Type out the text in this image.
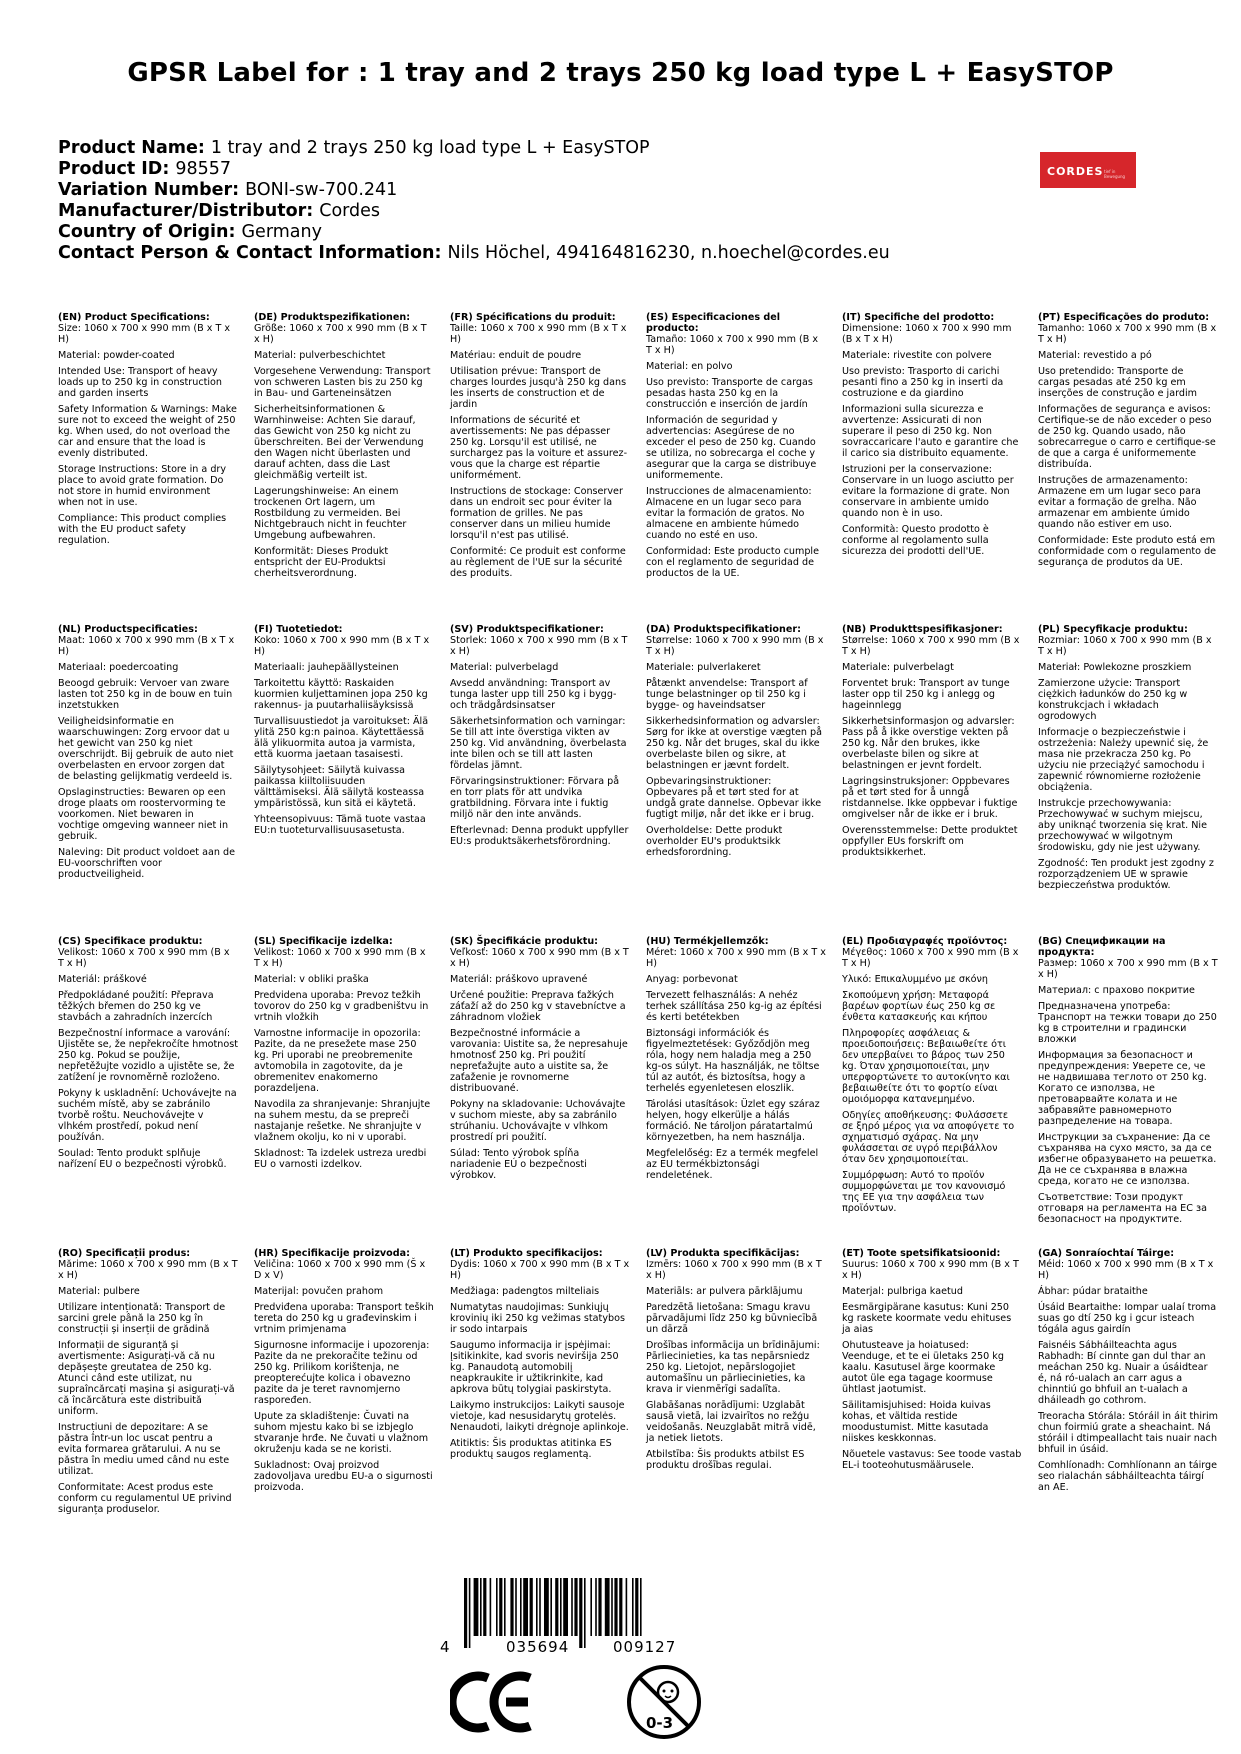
GPSR Label for : 1 tray and 2 trays 250 kg load type L + EasySTOP
Product Name: 1 tray and 2 trays 250 kg load type L + EasySTOP
Product ID: 98557
Variation Number: BONI-sw-700.241
Manufacturer/Distributor: Cordes
Country of Origin: Germany
Contact Person & Contact Information: Nils Höchel, 494164816230, n.hoechel@cordes.eu
CORDES tief in Bewegung
(EN) Product Specifications:

Size: 1060 x 700 x 990 mm (B x T x H)

Material: powder-coated

Intended Use: Transport of heavy loads up to 250 kg in construction and garden inserts

Safety Information & Warnings: Make sure not to exceed the weight of 250 kg. When used, do not overload the car and ensure that the load is evenly distributed.

Storage Instructions: Store in a dry place to avoid grate formation. Do not store in humid environment when not in use.

Compliance: This product complies with the EU product safety regulation.

(DE) Produktspezifikationen:

Größe: 1060 x 700 x 990 mm (B x T x H)

Material: pulverbeschichtet

Vorgesehene Verwendung: Transport von schweren Lasten bis zu 250 kg in Bau- und Garteneinsätzen

Sicherheitsinformationen & Warnhinweise: Achten Sie darauf, das Gewicht von 250 kg nicht zu überschreiten. Bei der Verwendung den Wagen nicht überlasten und darauf achten, dass die Last gleichmäßig verteilt ist.

Lagerungshinweise: An einem trockenen Ort lagern, um Rostbildung zu vermeiden. Bei Nichtgebrauch nicht in feuchter Umgebung aufbewahren.

Konformität: Dieses Produkt entspricht der EU-Produktsi cherheitsverordnung.

(FR) Spécifications du produit:

Taille: 1060 x 700 x 990 mm (B x T x H)

Matériau: enduit de poudre

Utilisation prévue: Transport de charges lourdes jusqu'à 250 kg dans les inserts de construction et de jardin

Informations de sécurité et avertissements: Ne pas dépasser 250 kg. Lorsqu'il est utilisé, ne surchargez pas la voiture et assurez-vous que la charge est répartie uniformément.

Instructions de stockage: Conserver dans un endroit sec pour éviter la formation de grilles. Ne pas conserver dans un milieu humide lorsqu'il n'est pas utilisé.

Conformité: Ce produit est conforme au règlement de l'UE sur la sécurité des produits.

(ES) Especificaciones del producto:

Tamaño: 1060 x 700 x 990 mm (B x T x H)

Material: en polvo

Uso previsto: Transporte de cargas pesadas hasta 250 kg en la construcción e inserción de jardín

Información de seguridad y advertencias: Asegúrese de no exceder el peso de 250 kg. Cuando se utiliza, no sobrecarga el coche y asegurar que la carga se distribuye uniformemente.

Instrucciones de almacenamiento: Almacene en un lugar seco para evitar la formación de gratos. No almacene en ambiente húmedo cuando no esté en uso.

Conformidad: Este producto cumple con el reglamento de seguridad de productos de la UE.

(IT) Specifiche del prodotto:

Dimensione: 1060 x 700 x 990 mm (B x T x H)

Materiale: rivestite con polvere

Uso previsto: Trasporto di carichi pesanti fino a 250 kg in inserti da costruzione e da giardino

Informazioni sulla sicurezza e avvertenze: Assicurati di non superare il peso di 250 kg. Non sovraccaricare l'auto e garantire che il carico sia distribuito equamente.

Istruzioni per la conservazione: Conservare in un luogo asciutto per evitare la formazione di grate. Non conservare in ambiente umido quando non è in uso.

Conformità: Questo prodotto è conforme al regolamento sulla sicurezza dei prodotti dell'UE.

(PT) Especificações do produto:

Tamanho: 1060 x 700 x 990 mm (B x T x H)

Material: revestido a pó

Uso pretendido: Transporte de cargas pesadas até 250 kg em inserções de construção e jardim

Informações de segurança e avisos: Certifique-se de não exceder o peso de 250 kg. Quando usado, não sobrecarregue o carro e certifique-se de que a carga é uniformemente distribuída.

Instruções de armazenamento: Armazene em um lugar seco para evitar a formação de grelha. Não armazenar em ambiente úmido quando não estiver em uso.

Conformidade: Este produto está em conformidade com o regulamento de segurança de produtos da UE.

(NL) Productspecificaties:

Maat: 1060 x 700 x 990 mm (B x T x H)

Materiaal: poedercoating

Beoogd gebruik: Vervoer van zware lasten tot 250 kg in de bouw en tuin inzetstukken

Veiligheidsinformatie en waarschuwingen: Zorg ervoor dat u het gewicht van 250 kg niet overschrijdt. Bij gebruik de auto niet overbelasten en ervoor zorgen dat de belasting gelijkmatig verdeeld is.

Opslaginstructies: Bewaren op een droge plaats om roostervorming te voorkomen. Niet bewaren in vochtige omgeving wanneer niet in gebruik.

Naleving: Dit product voldoet aan de EU-voorschriften voor productveiligheid.

(FI) Tuotetiedot:

Koko: 1060 x 700 x 990 mm (B x T x H)

Materiaali: jauhepäällysteinen

Tarkoitettu käyttö: Raskaiden kuormien kuljettaminen jopa 250 kg rakennus- ja puutarhaliisäyksissä

Turvallisuustiedot ja varoitukset: Älä ylitä 250 kg:n painoa. Käytettäessä älä ylikuormita autoa ja varmista, että kuorma jaetaan tasaisesti.

Säilytysohjeet: Säilytä kuivassa paikassa kiiltoliisuuden välttämiseksi. Älä säilytä kosteassa ympäristössä, kun sitä ei käytetä.

Yhteensopivuus: Tämä tuote vastaa EU:n tuoteturvallisuusasetusta.

(SV) Produktspecifikationer:

Storlek: 1060 x 700 x 990 mm (B x T x H)

Material: pulverbelagd

Avsedd användning: Transport av tunga laster upp till 250 kg i bygg- och trädgårdsinsatser

Säkerhetsinformation och varningar: Se till att inte överstiga vikten av 250 kg. Vid användning, överbelasta inte bilen och se till att lasten fördelas jämnt.

Förvaringsinstruktioner: Förvara på en torr plats för att undvika gratbildning. Förvara inte i fuktig miljö när den inte används.

Efterlevnad: Denna produkt uppfyller EU:s produktsäkerhetsförordning.

(DA) Produktspecifikationer:

Størrelse: 1060 x 700 x 990 mm (B x T x H)

Materiale: pulverlakeret

Påtænkt anvendelse: Transport af tunge belastninger op til 250 kg i bygge- og haveindsatser

Sikkerhedsinformation og advarsler: Sørg for ikke at overstige vægten på 250 kg. Når det bruges, skal du ikke overbelaste bilen og sikre, at belastningen er jævnt fordelt.

Opbevaringsinstruktioner: Opbevares på et tørt sted for at undgå grate dannelse. Opbevar ikke fugtigt miljø, når det ikke er i brug.

Overholdelse: Dette produkt overholder EU's produktsikk erhedsforordning.

(NB) Produkttspesifikasjoner:

Størrelse: 1060 x 700 x 990 mm (B x T x H)

Materiale: pulverbelagt

Forventet bruk: Transport av tunge laster opp til 250 kg i anlegg og hageinnlegg

Sikkerhetsinformasjon og advarsler: Pass på å ikke overstige vekten på 250 kg. Når den brukes, ikke overbelaste bilen og sikre at belastningen er jevnt fordelt.

Lagringsinstruksjoner: Oppbevares på et tørt sted for å unngå ristdannelse. Ikke oppbevar i fuktige omgivelser når de ikke er i bruk.

Overensstemmelse: Dette produktet oppfyller EUs forskrift om produktsikkerhet.

(PL) Specyfikacje produktu:

Rozmiar: 1060 x 700 x 990 mm (B x T x H)

Materiał: Powlekozne proszkiem

Zamierzone użycie: Transport ciężkich ładunków do 250 kg w konstrukcjach i wkładach ogrodowych

Informacje o bezpieczeństwie i ostrzeżenia: Należy upewnić się, że masa nie przekracza 250 kg. Po użyciu nie przeciążyć samochodu i zapewnić równomierne rozłożenie obciążenia.

Instrukcje przechowywania: Przechowywać w suchym miejscu, aby uniknąć tworzenia się krat. Nie przechowywać w wilgotnym środowisku, gdy nie jest używany.

Zgodność: Ten produkt jest zgodny z rozporządzeniem UE w sprawie bezpieczeństwa produktów.

(CS) Specifikace produktu:

Velikost: 1060 x 700 x 990 mm (B x T x H)

Materiál: práškové

Předpokládané použití: Přeprava těžkých břemen do 250 kg ve stavbách a zahradních inzercích

Bezpečnostní informace a varování: Ujistěte se, že nepřekročíte hmotnost 250 kg. Pokud se použije, nepřetěžujte vozidlo a ujistěte se, že zatížení je rovnoměrně rozloženo.

Pokyny k uskladnění: Uchovávejte na suchém místě, aby se zabránilo tvorbě roštu. Neuchovávejte v vlhkém prostředí, pokud není používán.

Soulad: Tento produkt splňuje nařízení EU o bezpečnosti výrobků.

(SL) Specifikacije izdelka:

Velikost: 1060 x 700 x 990 mm (B x T x H)

Material: v obliki praška

Predvidena uporaba: Prevoz težkih tovorov do 250 kg v gradbeništvu in vrtnih vložkih

Varnostne informacije in opozorila: Pazite, da ne presežete mase 250 kg. Pri uporabi ne preobremenite avtomobila in zagotovite, da je obremenitev enakomerno porazdeljena.

Navodila za shranjevanje: Shranjujte na suhem mestu, da se prepreči nastajanje rešetke. Ne shranjujte v vlažnem okolju, ko ni v uporabi.

Skladnost: Ta izdelek ustreza uredbi EU o varnosti izdelkov.

(SK) Špecifikácie produktu:

Veľkosť: 1060 x 700 x 990 mm (B x T x H)

Materiál: práškovo upravené

Určené použitie: Preprava ťažkých záťaží až do 250 kg v stavebníctve a záhradnom vložiek

Bezpečnostné informácie a varovania: Uistite sa, že nepresahuje hmotnosť 250 kg. Pri použití nepreťažujte auto a uistite sa, že zaťaženie je rovnomerne distribuované.

Pokyny na skladovanie: Uchovávajte v suchom mieste, aby sa zabránilo strúhaniu. Uchovávajte v vlhkom prostredí pri použití.

Súlad: Tento výrobok spĺňa nariadenie EÚ o bezpečnosti výrobkov.

(HU) Termékjellemzők:

Méret: 1060 x 700 x 990 mm (B x T x H)

Anyag: porbevonat

Tervezett felhasználás: A nehéz terhek szállítása 250 kg-ig az építési és kerti betétekben

Biztonsági információk és figyelmeztetések: Győződjön meg róla, hogy nem haladja meg a 250 kg-os súlyt. Ha használják, ne töltse túl az autót, és biztosítsa, hogy a terhelés egyenletesen eloszlik.

Tárolási utasítások: Üzlet egy száraz helyen, hogy elkerülje a hálás formáció. Ne tároljon páratartalmú környezetben, ha nem használja.

Megfelelőség: Ez a termék megfelel az EU termékbiztonsági rendeletének.

(EL) Προδιαγραφές προϊόντος:

Μέγεθος: 1060 x 700 x 990 mm (B x T x H)

Υλικό: Επικαλυμμένο με σκόνη

Σκοπούμενη χρήση: Μεταφορά βαρέων φορτίων έως 250 kg σε ένθετα κατασκευής και κήπου

Πληροφορίες ασφάλειας & προειδοποιήσεις: Βεβαιωθείτε ότι δεν υπερβαίνει το βάρος των 250 kg. Όταν χρησιμοποιείται, μην υπερφορτώνετε το αυτοκίνητο και βεβαιωθείτε ότι το φορτίο είναι ομοιόμορφα κατανεμημένο.

Οδηγίες αποθήκευσης: Φυλάσσετε σε ξηρό μέρος για να αποφύγετε το σχηματισμό σχάρας. Να μην φυλάσσεται σε υγρό περιβάλλον όταν δεν χρησιμοποιείται.

Συμμόρφωση: Αυτό το προϊόν συμμορφώνεται με τον κανονισμό της ΕΕ για την ασφάλεια των προϊόντων.

(BG) Спецификации на продукта:

Размер: 1060 x 700 x 990 mm (B x T x H)

Материал: с прахово покритие

Предназначена употреба: Транспорт на тежки товари до 250 kg в строителни и градински вложки

Информация за безопасност и предупреждения: Уверете се, че не надвишава теглото от 250 kg. Когато се използва, не претоварвайте колата и не забравяйте равномерното разпределение на товара.

Инструкции за съхранение: Да се съхранява на сухо място, за да се избегне образуването на решетка. Да не се съхранява в влажна среда, когато не се използва.

Съответствие: Този продукт отговаря на регламента на ЕС за безопасност на продуктите.

(RO) Specificații produs:

Mărime: 1060 x 700 x 990 mm (B x T x H)

Material: pulbere

Utilizare intenționată: Transport de sarcini grele până la 250 kg în construcții și inserții de grădină

Informații de siguranță și avertismente: Asigurați-vă că nu depășește greutatea de 250 kg. Atunci când este utilizat, nu supraîncărcați mașina și asigurați-vă că încărcătura este distribuită uniform.

Instrucțiuni de depozitare: A se păstra într-un loc uscat pentru a evita formarea grătarului. A nu se păstra în mediu umed când nu este utilizat.

Conformitate: Acest produs este conform cu regulamentul UE privind siguranța produselor.

(HR) Specifikacije proizvoda:

Veličina: 1060 x 700 x 990 mm (Š x D x V)

Materijal: povučen prahom

Predviđena uporaba: Transport teških tereta do 250 kg u građevinskim i vrtnim primjenama

Sigurnosne informacije i upozorenja: Pazite da ne prekoračite težinu od 250 kg. Prilikom korištenja, ne preopterećujte kolica i obavezno pazite da je teret ravnomjerno raspoređen.

Upute za skladištenje: Čuvati na suhom mjestu kako bi se izbjeglo stvaranje hrđe. Ne čuvati u vlažnom okruženju kada se ne koristi.

Sukladnost: Ovaj proizvod zadovoljava uredbu EU-a o sigurnosti proizvoda.

(LT) Produkto specifikacijos:

Dydis: 1060 x 700 x 990 mm (B x T x H)

Medžiaga: padengtos milteliais

Numatytas naudojimas: Sunkiųjų krovinių iki 250 kg vežimas statybos ir sodo intarpais

Saugumo informacija ir įspėjimai: Įsitikinkite, kad svoris neviršija 250 kg. Panaudotą automobilį neapkraukite ir užtikrinkite, kad apkrova būtų tolygiai paskirstyta.

Laikymo instrukcijos: Laikyti sausoje vietoje, kad nesusidarytų grotelės. Nenaudoti, laikyti drėgnoje aplinkoje.

Atitiktis: Šis produktas atitinka ES produktų saugos reglamentą.

(LV) Produkta specifikācijas:

Izmērs: 1060 x 700 x 990 mm (B x T x H)

Materiāls: ar pulvera pārklājumu

Paredzētā lietošana: Smagu kravu pārvadājumi līdz 250 kg būvniecībā un dārzā

Drošības informācija un brīdinājumi: Pārliecinieties, ka tas nepārsniedz 250 kg. Lietojot, nepārslogojiet automašīnu un pārliecinieties, ka krava ir vienmērīgi sadalīta.

Glabāšanas norādījumi: Uzglabāt sausā vietā, lai izvairītos no režģu veidošanās. Neuzglabāt mitrā vidē, ja netiek lietots.

Atbilstība: Šis produkts atbilst ES produktu drošības regulai.

(ET) Toote spetsifikatsioonid:

Suurus: 1060 x 700 x 990 mm (B x T x H)

Materjal: pulbriga kaetud

Eesmärgipärane kasutus: Kuni 250 kg raskete koormate vedu ehituses ja aias

Ohutusteave ja hoiatused: Veenduge, et te ei ületaks 250 kg kaalu. Kasutusel ärge koormake autot üle ega tagage koormuse ühtlast jaotumist.

Säilitamisjuhised: Hoida kuivas kohas, et vältida restide moodustumist. Mitte kasutada niiskes keskkonnas.

Nõuetele vastavus: See toode vastab EL-i tooteohutusmäärusele.

(GA) Sonraíochtaí Táirge:

Méid: 1060 x 700 x 990 mm (B x T x H)

Ábhar: púdar brataithe

Úsáid Beartaithe: Iompar ualaí troma suas go dtí 250 kg i gcur isteach tógála agus gairdín

Faisnéis Sábháilteachta agus Rabhadh: Bí cinnte gan dul thar an meáchan 250 kg. Nuair a úsáidtear é, ná ró-ualach an carr agus a chinntiú go bhfuil an t-ualach a dháileadh go cothrom.

Treoracha Stórála: Stóráil in áit thirim chun foirmiú grate a sheachaint. Ná stóráil i dtimpeallacht tais nuair nach bhfuil in úsáid.

Comhlíonadh: Comhlíonann an táirge seo rialachán sábháilteachta táirgí an AE.

4	035694	009127
0-3
